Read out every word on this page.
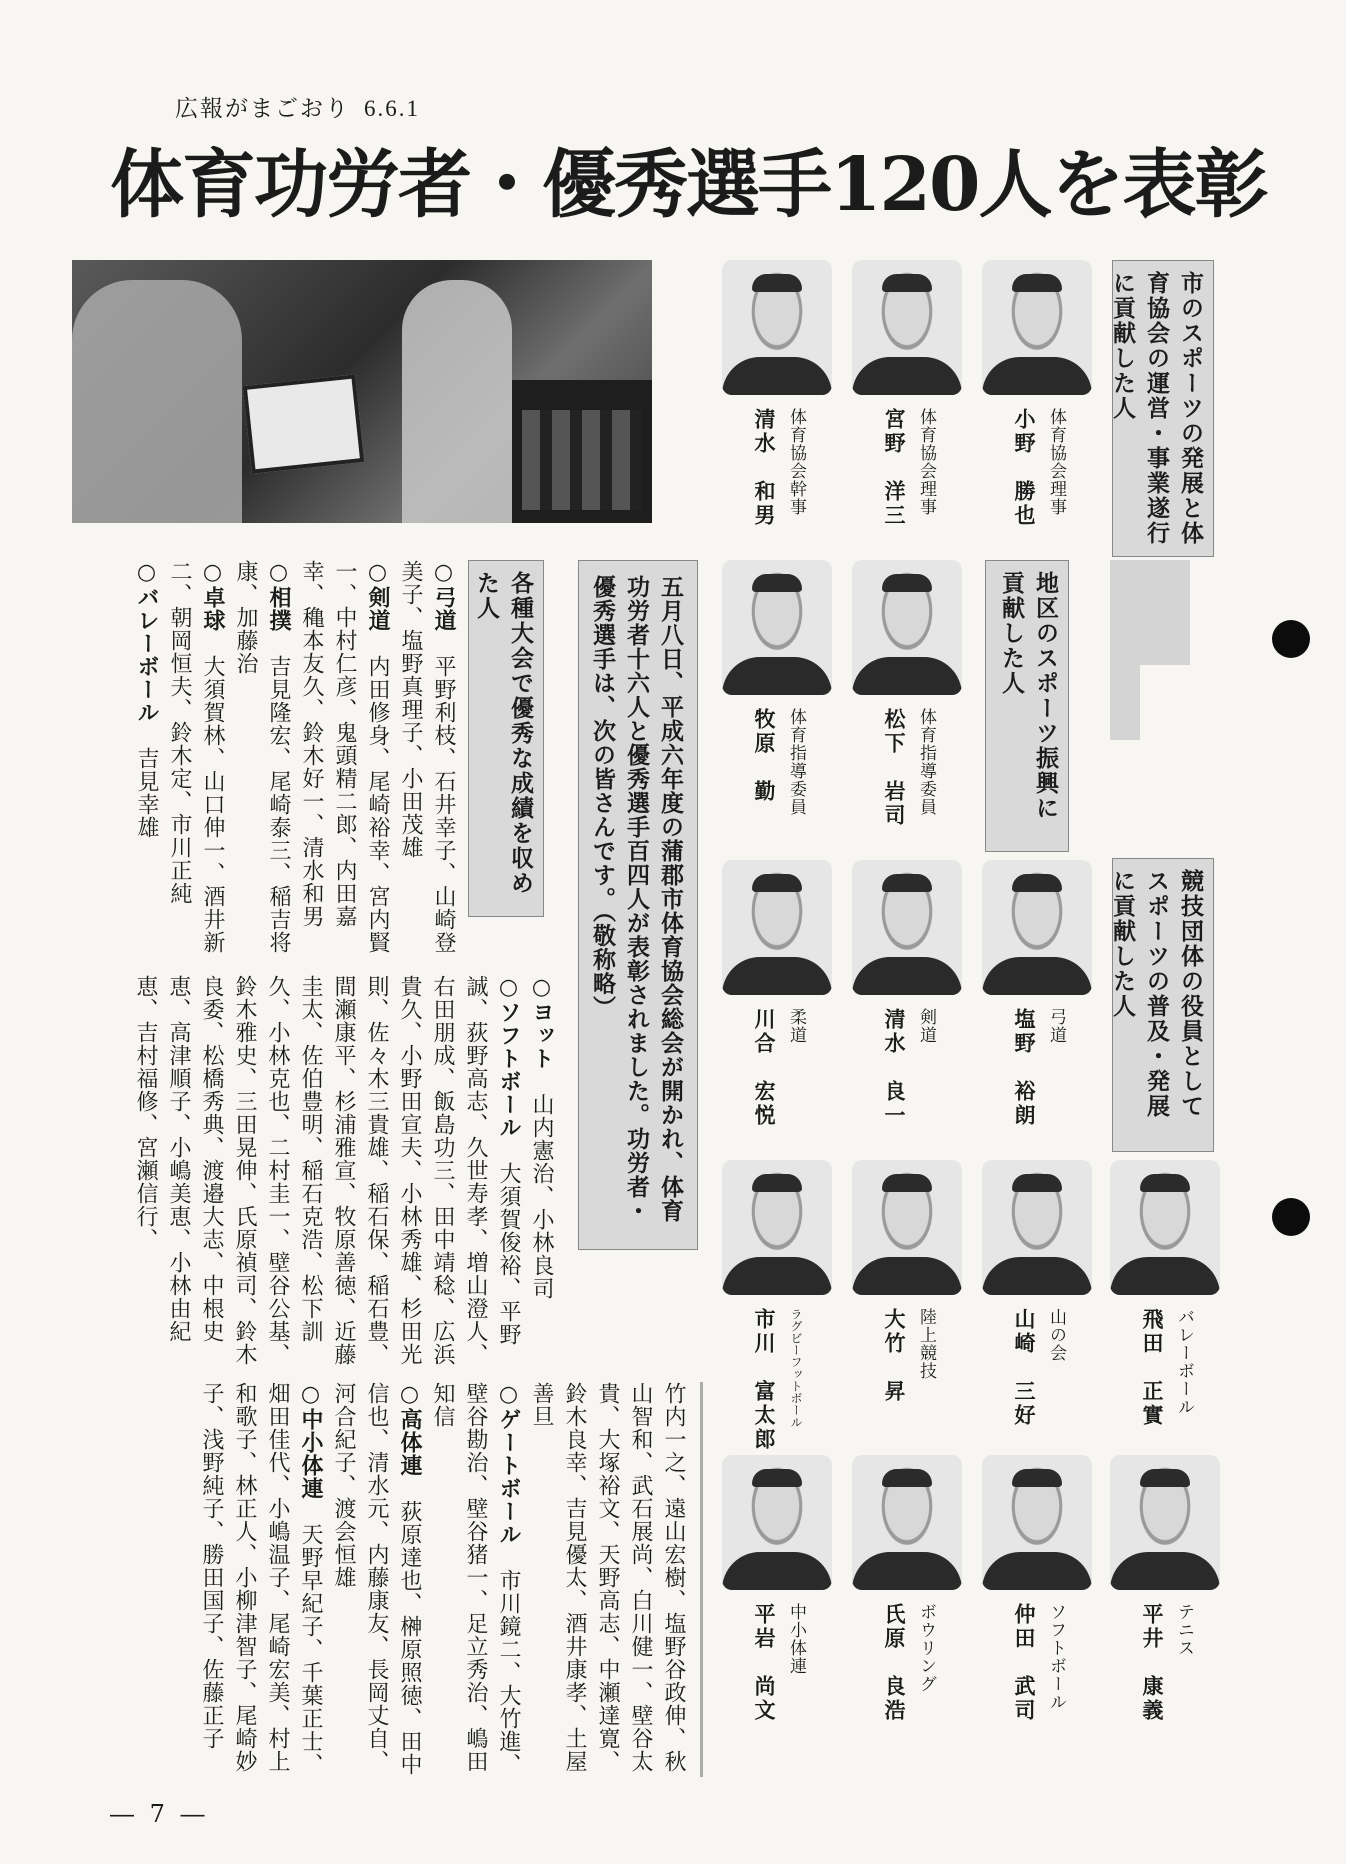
広報がまごおり 6.6.1
体育功労者・優秀選手120人を表彰
市のスポーツの発展と体育協会の運営・事業遂行に貢献した人
地区のスポーツ振興に貢献した人
競技団体の役員としてスポーツの普及・発展に貢献した人
各種大会で優秀な成績を収めた人
体育協会理事
小野　勝也
体育協会理事
宮野　洋三
体育協会幹事
清水　和男
体育指導委員
松下　岩司
体育指導委員
牧原　勤
弓道
塩野　裕朗
剣道
清水　良一
柔道
川合　宏悦
バレーボール
飛田　正實
山の会
山崎　三好
陸上競技
大竹　昇
ラグビーフットボール
市川　富太郎
テニス
平井　康義
ソフトボール
仲田　武司
ボウリング
氏原　良浩
中小体連
平岩　尚文
五月八日、平成六年度の蒲郡市体育協会総会が開かれ、体育功労者十六人と優秀選手百四人が表彰されました。功労者・優秀選手は、次の皆さんです。（敬称略）
○ヨット　山内憲治、小林良司
○ソフトボール　大須賀俊裕、平野誠、荻野高志、久世寿孝、増山澄人、右田朋成、飯島功三、田中靖稔、広浜貴久、小野田宣夫、小林秀雄、杉田光則、佐々木三貴雄、稲石保、稲石豊、間瀬康平、杉浦雅宣、牧原善徳、近藤圭太、佐伯豊明、稲石克浩、松下訓久、小林克也、二村圭一、壁谷公基、鈴木雅史、三田晃伸、氏原禎司、鈴木良委、松橋秀典、渡邉大志、中根史恵、高津順子、小嶋美恵、小林由紀恵、吉村福修、宮瀬信行、

○弓道　平野利枝、石井幸子、山崎登美子、塩野真理子、小田茂雄
○剣道　内田修身、尾崎裕幸、宮内賢一、中村仁彦、鬼頭精二郎、内田嘉幸、穐本友久、鈴木好一、清水和男
○相撲　吉見隆宏、尾崎泰三、稲吉将康、加藤治
○卓球　大須賀林、山口伸一、酒井新二、朝岡恒夫、鈴木定、市川正純
○バレーボール　吉見幸雄

竹内一之、遠山宏樹、塩野谷政伸、秋山智和、武石展尚、白川健一、壁谷太貴、大塚裕文、天野高志、中瀬達寛、鈴木良幸、吉見優太、酒井康孝、土屋善旦
○ゲートボール　市川鏡二、大竹進、壁谷勘治、壁谷猪一、足立秀治、嶋田知信
○高体連　荻原達也、榊原照徳、田中信也、清水元、内藤康友、長岡丈自、河合紀子、渡会恒雄
○中小体連　天野早紀子、千葉正士、畑田佳代、小嶋温子、尾崎宏美、村上和歌子、林正人、小柳津智子、尾崎妙子、浅野純子、勝田国子、佐藤正子

― 7 ―
